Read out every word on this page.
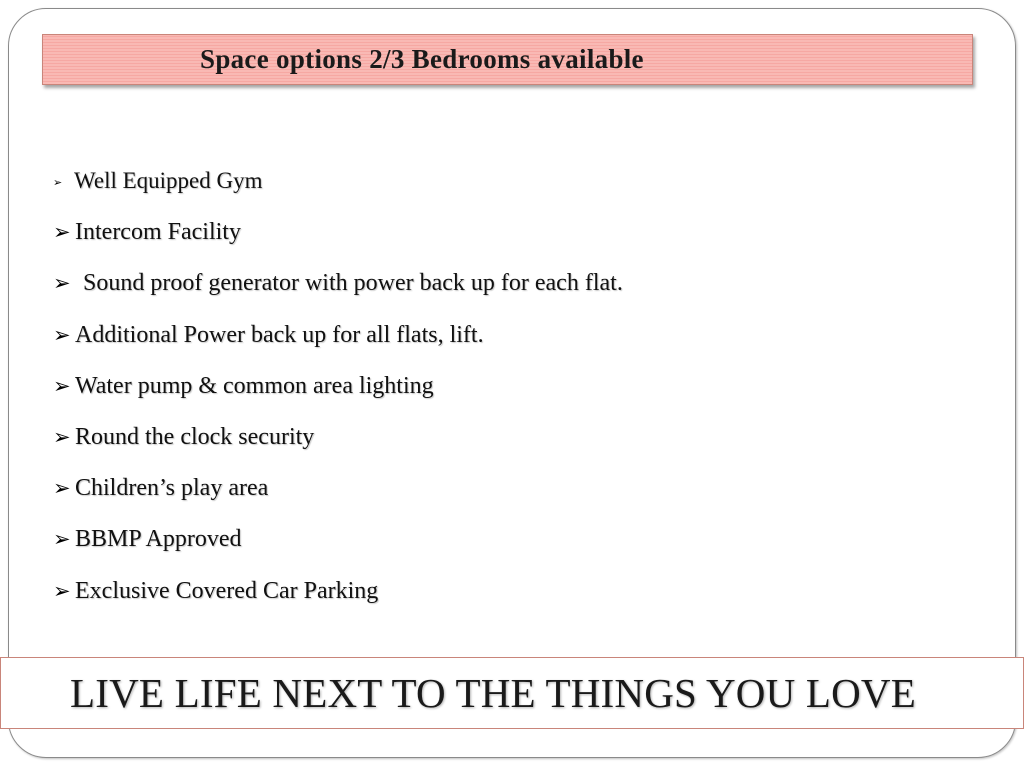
Space options 2/3 Bedrooms available
➢ Well Equipped Gym
➢ Intercom Facility
➢ Sound proof generator with power back up for each flat.
➢ Additional Power back up for all flats, lift.
➢ Water pump & common area lighting
➢ Round the clock security
➢ Children’s play area
➢ BBMP Approved
➢ Exclusive Covered Car Parking
LIVE LIFE NEXT TO THE THINGS YOU LOVE
